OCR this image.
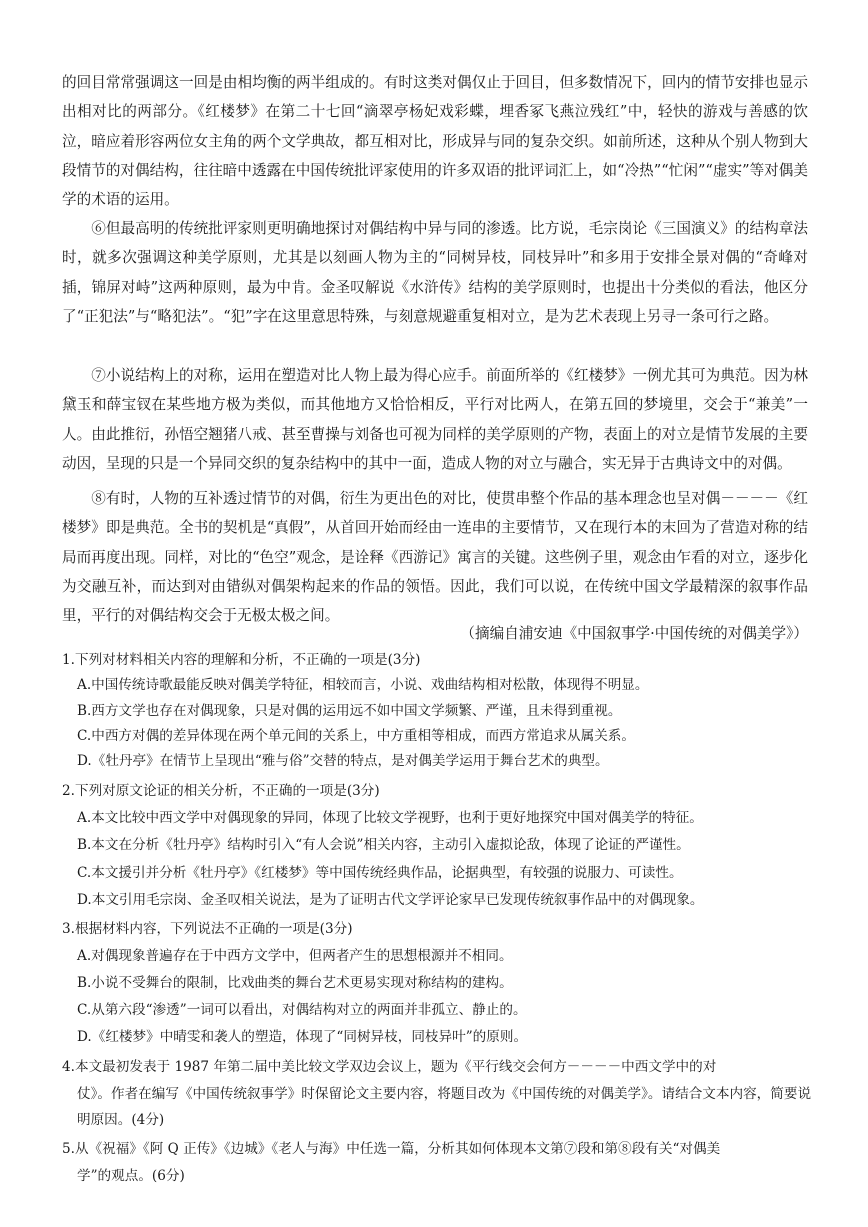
的回目常常强调这一回是由相均衡的两半组成的。有时这类对偶仅止于回目，但多数情况下，回内的情节安排也显示出相对比的两部分。《红楼梦》在第二十七回“滴翠亭杨妃戏彩蝶，埋香冢飞燕泣残红”中，轻快的游戏与善感的饮泣，暗应着形容两位女主角的两个文学典故，都互相对比，形成异与同的复杂交织。如前所述，这种从个别人物到大段情节的对偶结构，往往暗中透露在中国传统批评家使用的许多双语的批评词汇上，如“冷热”“忙闲”“虚实”等对偶美学的术语的运用。

⑥但最高明的传统批评家则更明确地探讨对偶结构中异与同的渗透。比方说，毛宗岗论《三国演义》的结构章法时，就多次强调这种美学原则，尤其是以刻画人物为主的“同树异枝，同枝异叶”和多用于安排全景对偶的“奇峰对插，锦屏对峙”这两种原则，最为中肯。金圣叹解说《水浒传》结构的美学原则时，也提出十分类似的看法，他区分了“正犯法”与“略犯法”。“犯”字在这里意思特殊，与刻意规避重复相对立，是为艺术表现上另寻一条可行之路。

⑦小说结构上的对称，运用在塑造对比人物上最为得心应手。前面所举的《红楼梦》一例尤其可为典范。因为林黛玉和薛宝钗在某些地方极为类似，而其他地方又恰恰相反，平行对比两人，在第五回的梦境里，交会于“兼美”一人。由此推衍，孙悟空翘猪八戒、甚至曹操与刘备也可视为同样的美学原则的产物，表面上的对立是情节发展的主要动因，呈现的只是一个异同交织的复杂结构中的其中一面，造成人物的对立与融合，实无异于古典诗文中的对偶。

⑧有时，人物的互补透过情节的对偶，衍生为更出色的对比，使贯串整个作品的基本理念也呈对偶－－－－《红楼梦》即是典范。全书的契机是“真假”，从首回开始而经由一连串的主要情节，又在现行本的末回为了营造对称的结局而再度出现。同样，对比的“色空”观念，是诠释《西游记》寓言的关键。这些例子里，观念由乍看的对立，逐步化为交融互补，而达到对由错纵对偶架构起来的作品的领悟。因此，我们可以说，在传统中国文学最精深的叙事作品里，平行的对偶结构交会于无极太极之间。

（摘编自浦安迪《中国叙事学·中国传统的对偶美学》）

1.下列对材料相关内容的理解和分析，不正确的一项是(3分)

A.中国传统诗歌最能反映对偶美学特征，相较而言，小说、戏曲结构相对松散，体现得不明显。

B.西方文学也存在对偶现象，只是对偶的运用远不如中国文学频繁、严谨，且未得到重视。

C.中西方对偶的差异体现在两个单元间的关系上，中方重相等相成，而西方常追求从属关系。

D.《牡丹亭》在情节上呈现出“雅与俗”交替的特点，是对偶美学运用于舞台艺术的典型。

2.下列对原文论证的相关分析，不正确的一项是(3分)

A.本文比较中西文学中对偶现象的异同，体现了比较文学视野，也利于更好地探究中国对偶美学的特征。

B.本文在分析《牡丹亭》结构时引入“有人会说”相关内容，主动引入虚拟论敌，体现了论证的严谨性。

C.本文援引并分析《牡丹亭》《红楼梦》等中国传统经典作品，论据典型，有较强的说服力、可读性。

D.本文引用毛宗岗、金圣叹相关说法，是为了证明古代文学评论家早已发现传统叙事作品中的对偶现象。

3.根据材料内容，下列说法不正确的一项是(3分)

A.对偶现象普遍存在于中西方文学中，但两者产生的思想根源并不相同。

B.小说不受舞台的限制，比戏曲类的舞台艺术更易实现对称结构的建构。

C.从第六段“渗透”一词可以看出，对偶结构对立的两面并非孤立、静止的。

D.《红楼梦》中晴雯和袭人的塑造，体现了“同树异枝，同枝异叶”的原则。

4.本文最初发表于 1987 年第二届中美比较文学双边会议上，题为《平行线交会何方－－－－中西文学中的对
仗》。作者在编写《中国传统叙事学》时保留论文主要内容，将题目改为《中国传统的对偶美学》。请结合文本内容，简要说明原因。(4分)

5.从《祝福》《阿 Q 正传》《边城》《老人与海》中任选一篇，分析其如何体现本文第⑦段和第⑧段有关“对偶美
学”的观点。(6分)
